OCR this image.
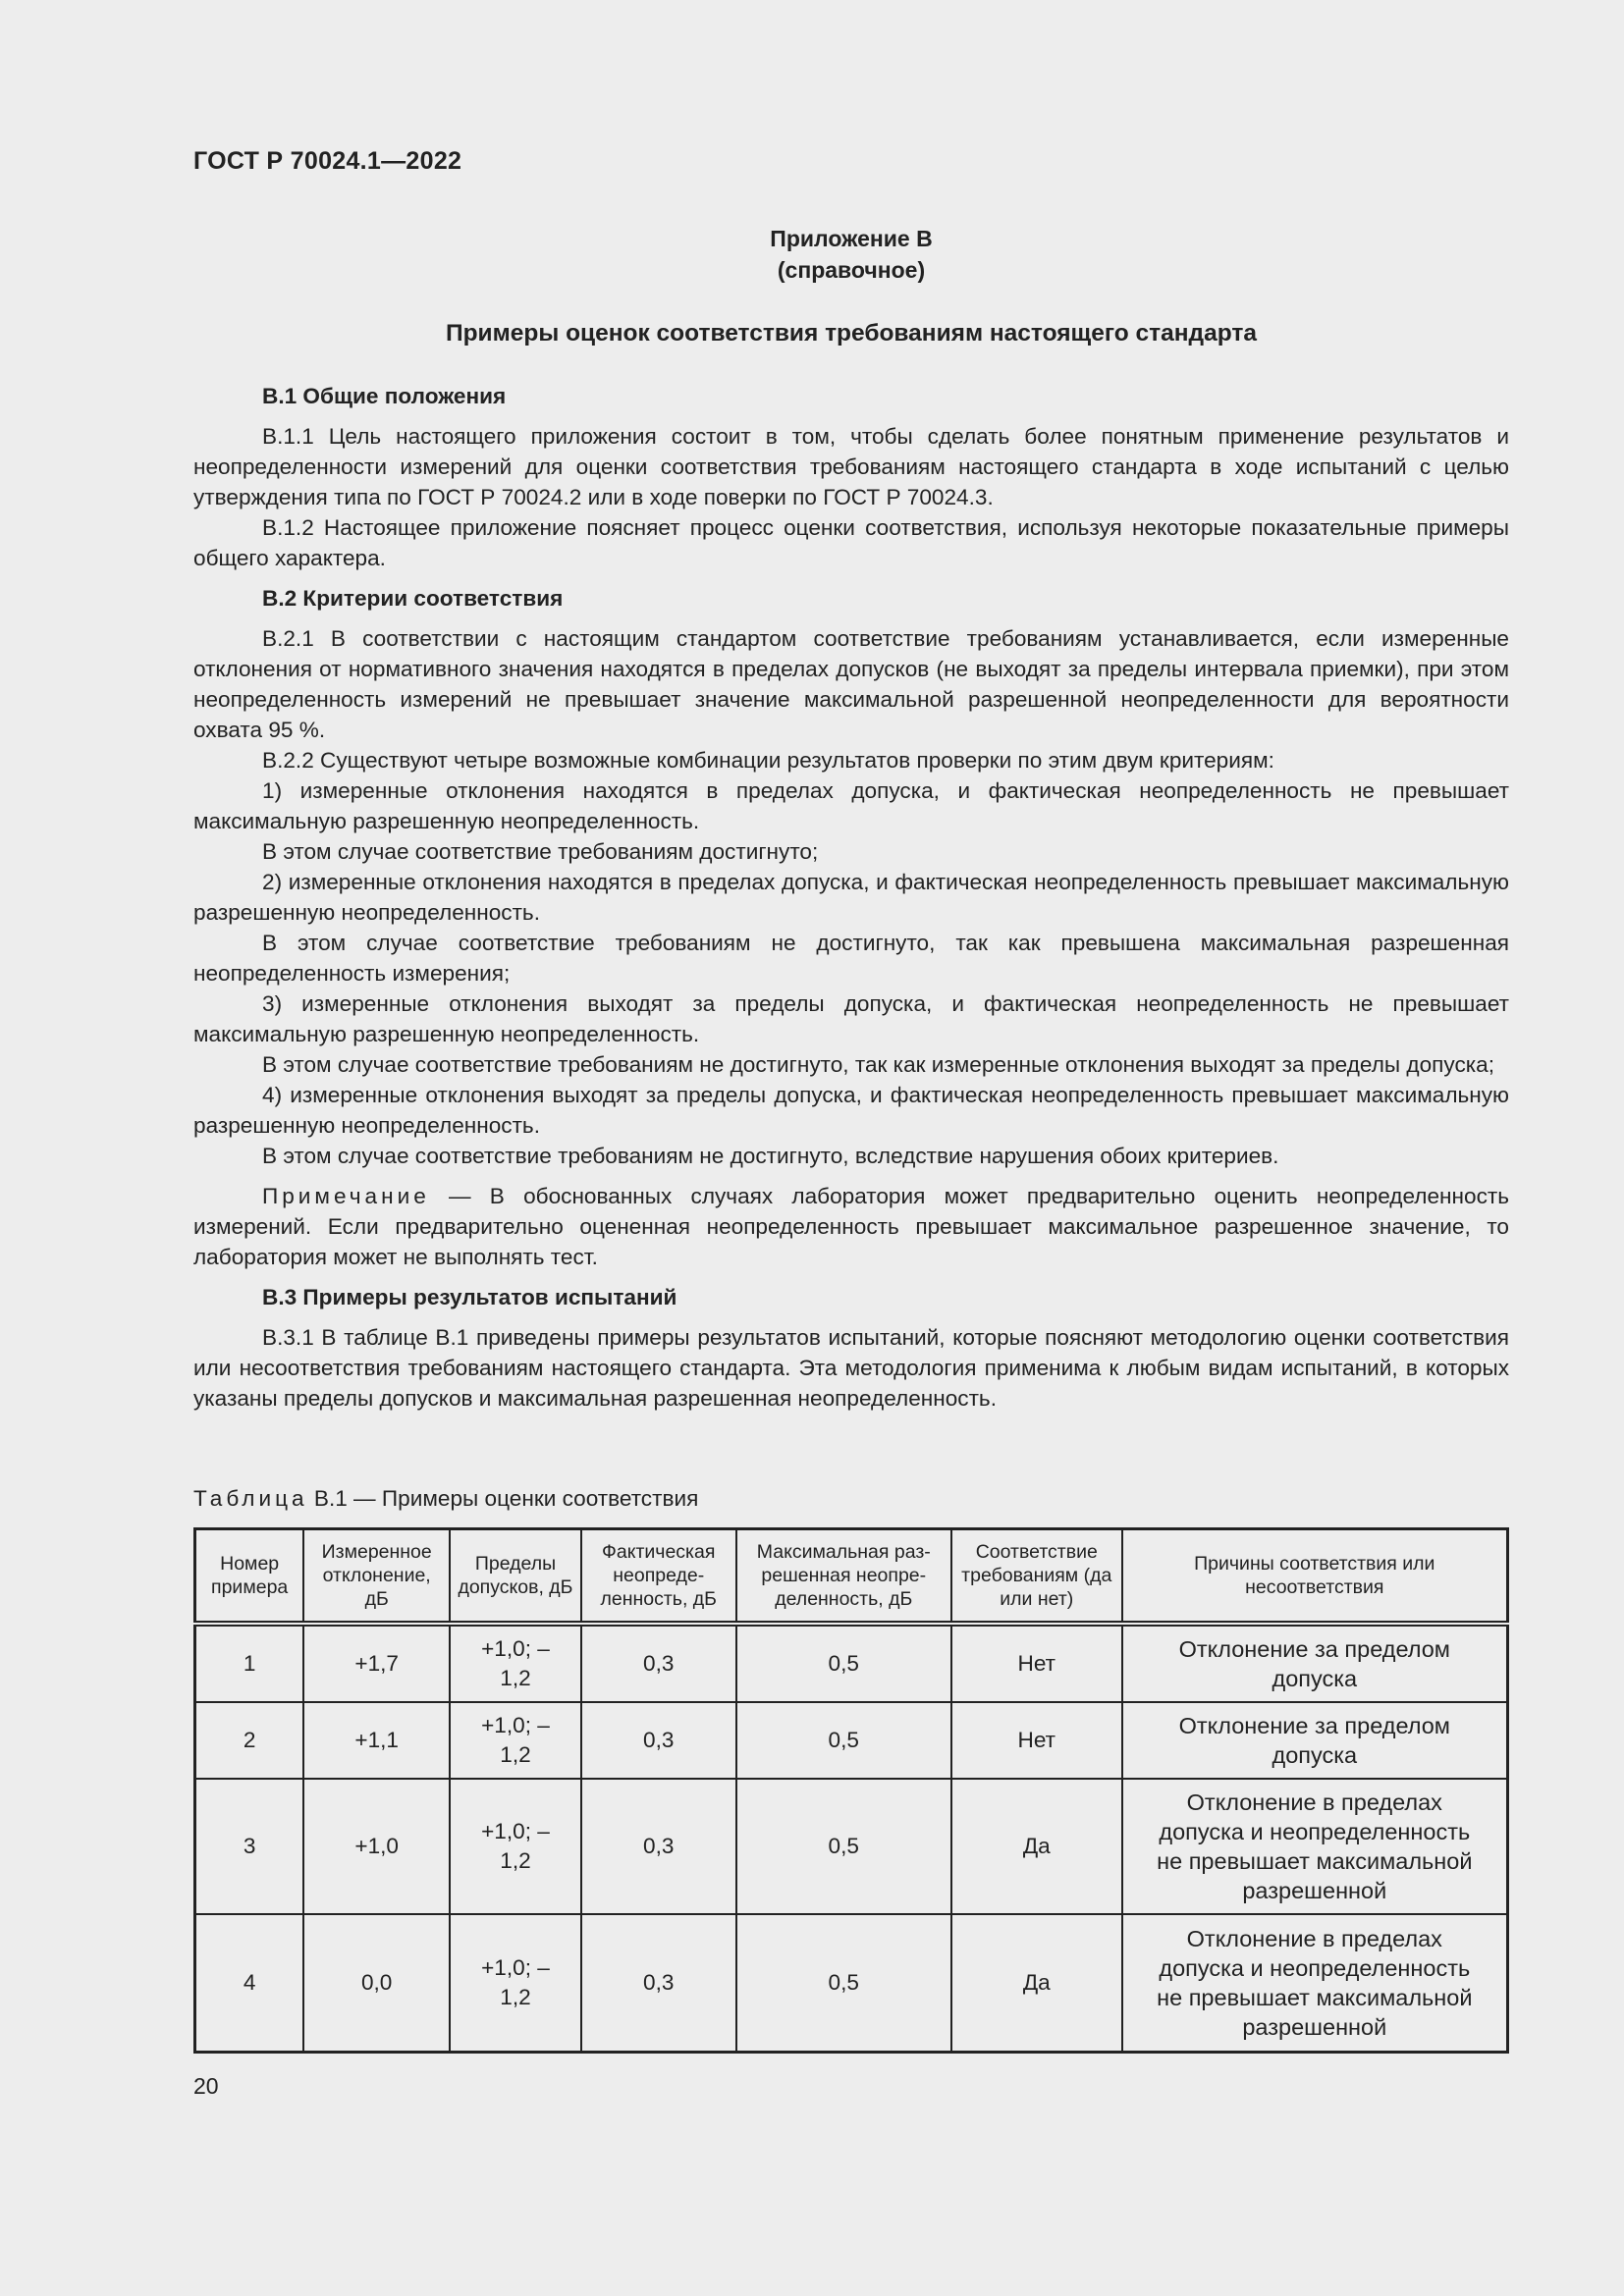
ГОСТ Р 70024.1—2022
Приложение В
(справочное)
Примеры оценок соответствия требованиям настоящего стандарта

В.1 Общие положения

В.1.1 Цель настоящего приложения состоит в том, чтобы сделать более понятным применение результатов и неопределенности измерений для оценки соответствия требованиям настоящего стандарта в ходе испытаний с целью утверждения типа по ГОСТ Р 70024.2 или в ходе поверки по ГОСТ Р 70024.3.

В.1.2 Настоящее приложение поясняет процесс оценки соответствия, используя некоторые показательные примеры общего характера.

В.2 Критерии соответствия

В.2.1 В соответствии с настоящим стандартом соответствие требованиям устанавливается, если измеренные отклонения от нормативного значения находятся в пределах допусков (не выходят за пределы интервала приемки), при этом неопределенность измерений не превышает значение максимальной разрешенной неопределенности для вероятности охвата 95 %.

В.2.2 Существуют четыре возможные комбинации результатов проверки по этим двум критериям:

1) измеренные отклонения находятся в пределах допуска, и фактическая неопределенность не превышает максимальную разрешенную неопределенность.

В этом случае соответствие требованиям достигнуто;

2) измеренные отклонения находятся в пределах допуска, и фактическая неопределенность превышает максимальную разрешенную неопределенность.

В этом случае соответствие требованиям не достигнуто, так как превышена максимальная разрешенная неопределенность измерения;

3) измеренные отклонения выходят за пределы допуска, и фактическая неопределенность не превышает максимальную разрешенную неопределенность.

В этом случае соответствие требованиям не достигнуто, так как измеренные отклонения выходят за пределы допуска;

4) измеренные отклонения выходят за пределы допуска, и фактическая неопределенность превышает максимальную разрешенную неопределенность.

В этом случае соответствие требованиям не достигнуто, вследствие нарушения обоих критериев.

Примечание — В обоснованных случаях лаборатория может предварительно оценить неопределенность измерений. Если предварительно оцененная неопределенность превышает максимальное разрешенное значение, то лаборатория может не выполнять тест.

В.3 Примеры результатов испытаний

В.3.1 В таблице В.1 приведены примеры результатов испытаний, которые поясняют методологию оценки соответствия или несоответствия требованиям настоящего стандарта. Эта методология применима к любым видам испытаний, в которых указаны пределы допусков и максимальная разрешенная неопределенность.

Таблица В.1 — Примеры оценки соответствия
Номер примера	Измеренное отклонение, дБ	Пределы допусков, дБ	Фактическая неопреде-ленность, дБ	Максимальная раз-решенная неопре-деленность, дБ	Соответствие требованиям (да или нет)	Причины соответствия или несоответствия
1	+1,7	+1,0; –1,2	0,3	0,5	Нет	Отклонение за пределом допуска
2	+1,1	+1,0; –1,2	0,3	0,5	Нет	Отклонение за пределом допуска
3	+1,0	+1,0; –1,2	0,3	0,5	Да	Отклонение в пределах допуска и неопределенность не превышает максимальной разрешенной
4	0,0	+1,0; –1,2	0,3	0,5	Да	Отклонение в пределах допуска и неопределенность не превышает максимальной разрешенной
20
